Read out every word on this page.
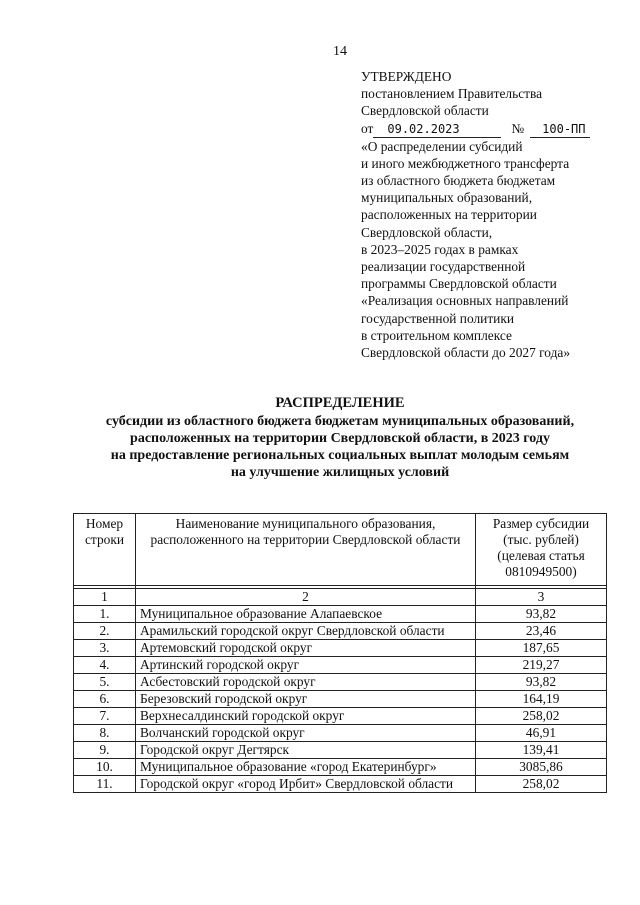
14
УТВЕРЖДЕНО
постановлением Правительства
Свердловской области
от 09.02.2023	№ 100-ПП
«О распределении субсидий
и иного межбюджетного трансферта
из областного бюджета бюджетам
муниципальных образований,
расположенных на территории
Свердловской области,
в 2023–2025 годах в рамках
реализации государственной
программы Свердловской области
«Реализация основных направлений
государственной политики
в строительном комплексе
Свердловской области до 2027 года»
РАСПРЕДЕЛЕНИЕ
субсидии из областного бюджета бюджетам муниципальных образований,
расположенных на территории Свердловской области, в 2023 году
на предоставление региональных социальных выплат молодым семьям
на улучшение жилищных условий
Номер строки	Наименование муниципального образования, расположенного на территории Свердловской области	Размер субсидии (тыс. рублей) (целевая статья 0810949500)

1	2	3
1.	Муниципальное образование Алапаевское	93,82
2.	Арамильский городской округ Свердловской области	23,46
3.	Артемовский городской округ	187,65
4.	Артинский городской округ	219,27
5.	Асбестовский городской округ	93,82
6.	Березовский городской округ	164,19
7.	Верхнесалдинский городской округ	258,02
8.	Волчанский городской округ	46,91
9.	Городской округ Дегтярск	139,41
10.	Муниципальное образование «город Екатеринбург»	3085,86
11.	Городской округ «город Ирбит» Свердловской области	258,02
